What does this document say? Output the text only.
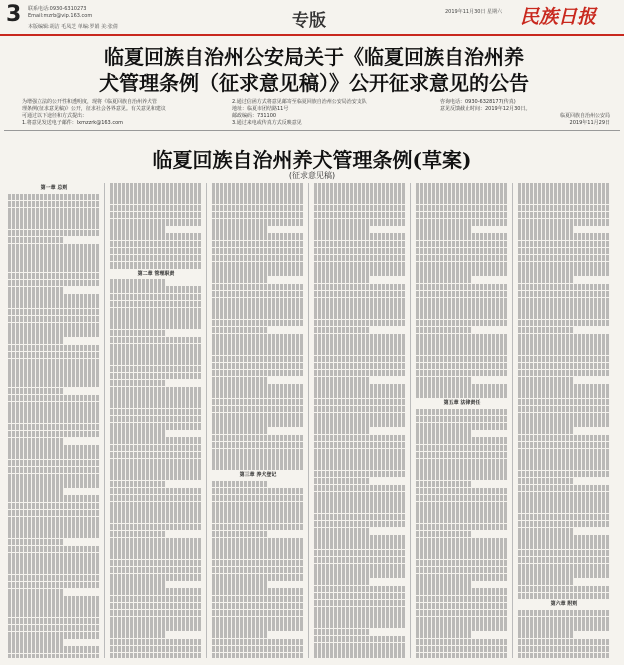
3 联系电话:0930-6310273
Email:mzrb@vip.163.com
本版编辑:胡洁 毛凤芝 单编:罗娟 美:张倩	专版	2019年11月30日 星期六 民族日报
临夏回族自治州公安局关于《临夏回族自治州养
犬管理条例（征求意见稿）》公开征求意见的公告
为增强立法的公开性和透明度，现将《临夏回族自治州养犬管
理条例(征求意见稿)》公开，征求社会各界意见。有关意见和建议
可通过以下途径和方式提出：
1.将意见发送电子邮件：lxmzzrk@163.com
2.通过信函方式将意见邮寄至临夏回族自治州公安局治安支队
地址：临夏市团结路11号
邮政编码：731100
3.通过来电或传真方式反映意见
咨询电话：0930-6328177(传真)
意见反馈截止时间：2019年12月30日。
临夏回族自治州公安局
2019年11月29日
临夏回族自治州养犬管理条例(草案)
(征求意见稿)
第一章 总则
第二章 管理职责
第三章 养犬登记
第五章 法律责任
第六章 附则
